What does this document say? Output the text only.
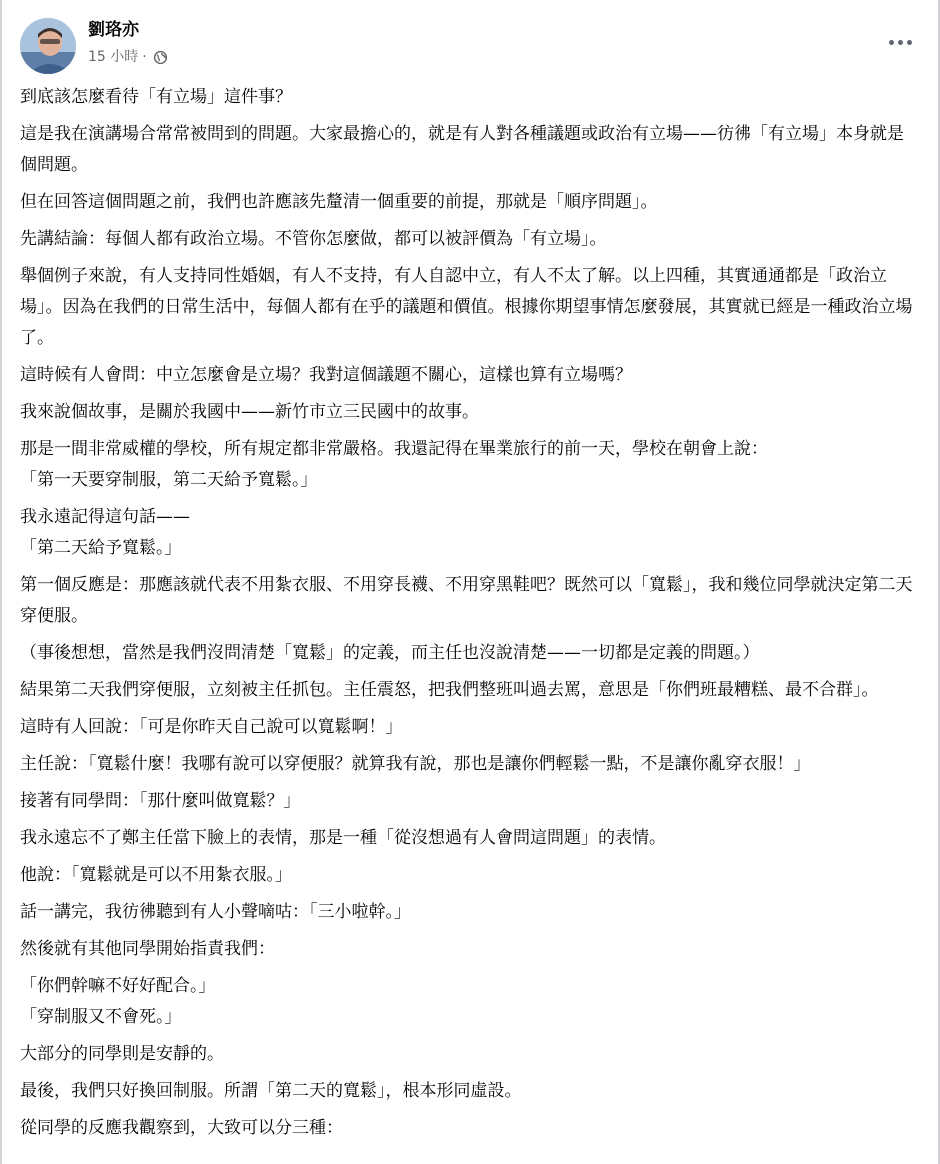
劉珞亦
15 小時 ·

到底該怎麼看待「有立場」這件事？

這是我在演講場合常常被問到的問題。大家最擔心的，就是有人對各種議題或政治有立場——彷彿「有立場」本身就是個問題。

但在回答這個問題之前，我們也許應該先釐清一個重要的前提，那就是「順序問題」。

先講結論：每個人都有政治立場。不管你怎麼做，都可以被評價為「有立場」。

舉個例子來說，有人支持同性婚姻，有人不支持，有人自認中立，有人不太了解。以上四種，其實通通都是「政治立場」。因為在我們的日常生活中，每個人都有在乎的議題和價值。根據你期望事情怎麼發展，其實就已經是一種政治立場了。

這時候有人會問：中立怎麼會是立場？我對這個議題不關心，這樣也算有立場嗎？

我來說個故事，是關於我國中——新竹市立三民國中的故事。

那是一間非常威權的學校，所有規定都非常嚴格。我還記得在畢業旅行的前一天，學校在朝會上說：
「第一天要穿制服，第二天給予寬鬆。」

我永遠記得這句話——
「第二天給予寬鬆。」

第一個反應是：那應該就代表不用紮衣服、不用穿長襪、不用穿黑鞋吧？既然可以「寬鬆」，我和幾位同學就決定第二天穿便服。

（事後想想，當然是我們沒問清楚「寬鬆」的定義，而主任也沒說清楚——一切都是定義的問題。）

結果第二天我們穿便服，立刻被主任抓包。主任震怒，把我們整班叫過去罵，意思是「你們班最糟糕、最不合群」。

這時有人回說：「可是你昨天自己說可以寬鬆啊！」

主任說：「寬鬆什麼！我哪有說可以穿便服？就算我有說，那也是讓你們輕鬆一點，不是讓你亂穿衣服！」

接著有同學問：「那什麼叫做寬鬆？」

我永遠忘不了鄭主任當下臉上的表情，那是一種「從沒想過有人會問這問題」的表情。

他說：「寬鬆就是可以不用紮衣服。」

話一講完，我彷彿聽到有人小聲嘀咕：「三小啦幹。」

然後就有其他同學開始指責我們：

「你們幹嘛不好好配合。」
「穿制服又不會死。」

大部分的同學則是安靜的。

最後，我們只好換回制服。所謂「第二天的寬鬆」，根本形同虛設。

從同學的反應我觀察到，大致可以分三種：
